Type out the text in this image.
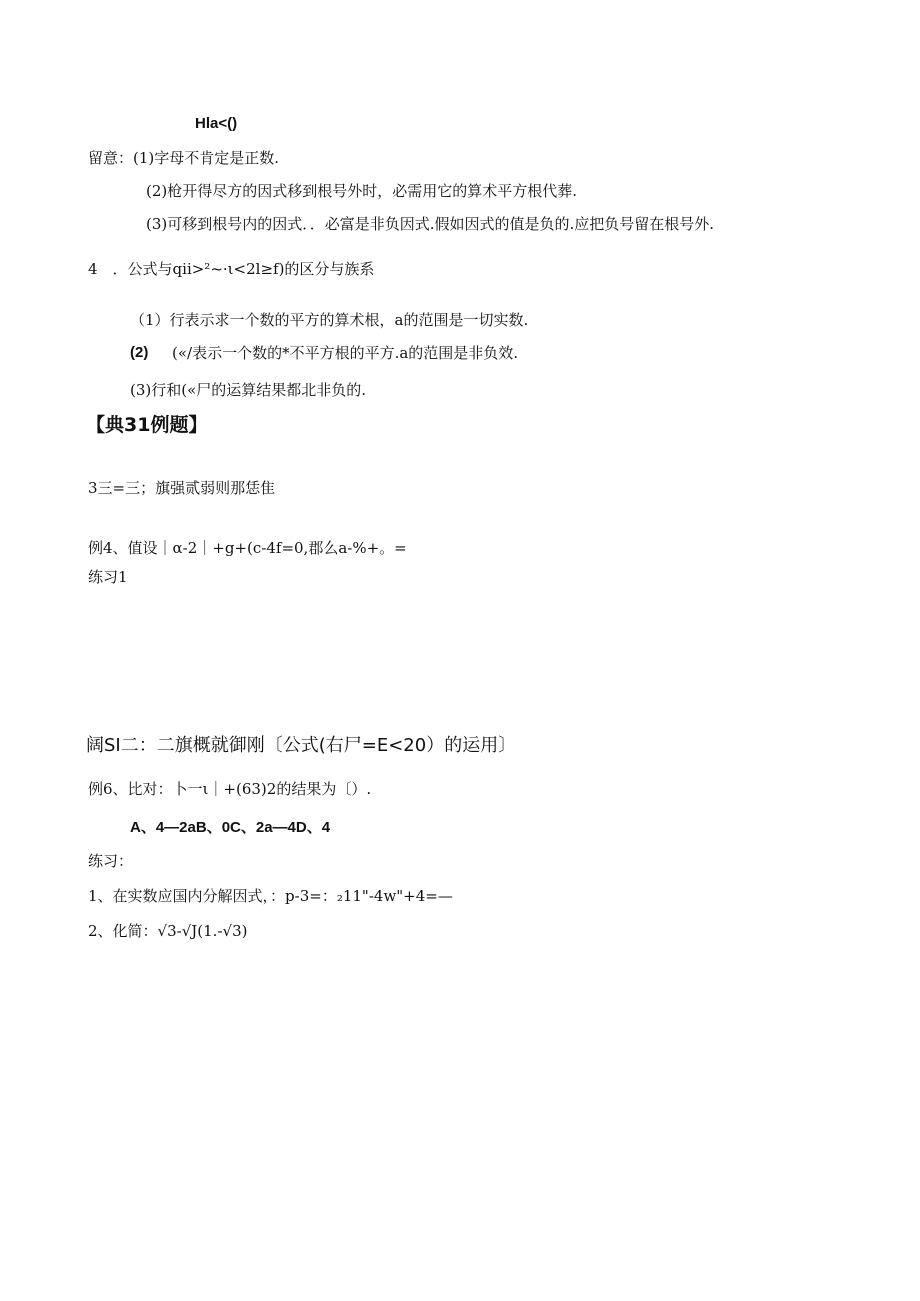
Hla<()
留意：(1)字母不肯定是正数.
(2)枪开得尽方的因式移到根号外时，必需用它的算术平方根代葬.
(3)可移到根号内的因式．．必富是非负因式.假如因式的值是负的.应把负号留在根号外.
4　．公式与qii>²~·ι<2l≥f)的区分与族系
（1）行表示求一个数的平方的算术根，a的范围是一切实数.
(2) («/表示一个数的*不平方根的平方.a的范围是非负效.
(3)行和(«尸的运算结果都北非负的.
【典31例题】
3三=三；旗强贰弱则那恁隹
例4、值设｜α-2｜+g+(c-4f=0,郡么a-%+。=
练习1
阔SI二：二旗概就御刚〔公式(右尸=E<20）的运用〕
例6、比对：卜一ι｜+(63)2的结果为〔）.
A、4—2aB、0C、2a—4D、4
练习：
1、在实数应国内分解因式，：p-3=：₂11"-4w"+4=—
2、化简：√3-√J(1.-√3)
